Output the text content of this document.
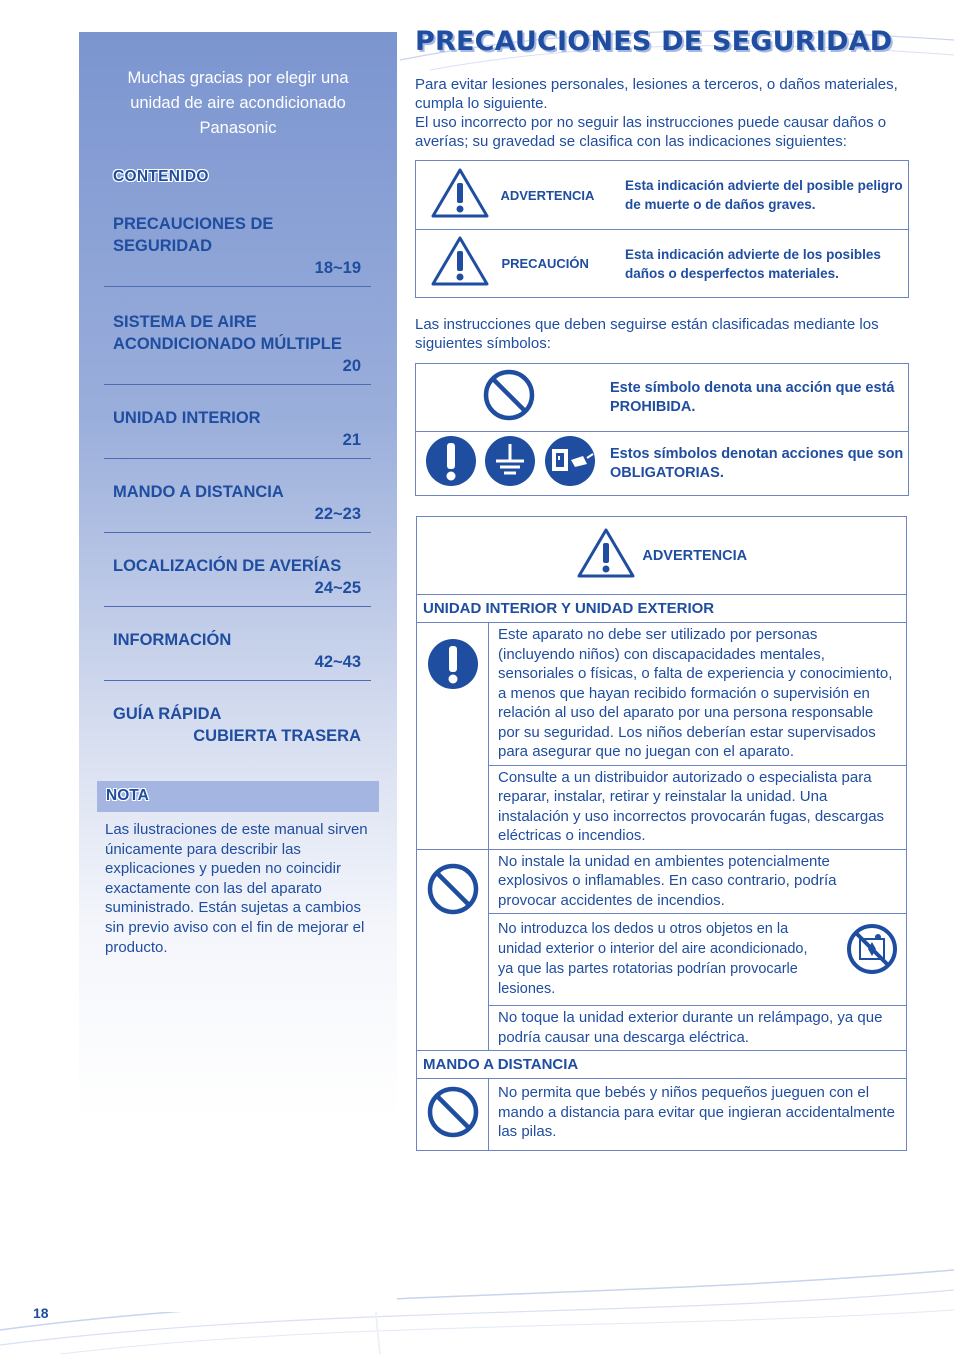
Muchas gracias por elegir una unidad de aire acondicionado Panasonic
CONTENIDO
PRECAUCIONES DE SEGURIDAD
18~19
SISTEMA DE AIRE ACONDICIONADO MÚLTIPLE
20
UNIDAD INTERIOR
21
MANDO A DISTANCIA
22~23
LOCALIZACIÓN DE AVERÍAS
24~25
INFORMACIÓN
42~43
GUÍA RÁPIDA
CUBIERTA TRASERA
NOTA
Las ilustraciones de este manual sirven únicamente para describir las explicaciones y pueden no coincidir exactamente con las del aparato suministrado. Están sujetas a cambios sin previo aviso con el fin de mejorar el producto.
18
PRECAUCIONES DE SEGURIDAD
Para evitar lesiones personales, lesiones a terceros, o daños materiales, cumpla lo siguiente.
El uso incorrecto por no seguir las instrucciones puede causar daños o averías; su gravedad se clasifica con las indicaciones siguientes:
ADVERTENCIA	Esta indicación advierte del posible peligro de muerte o de daños graves.
PRECAUCIÓN	Esta indicación advierte de los posibles daños o desperfectos materiales.
Las instrucciones que deben seguirse están clasificadas mediante los siguientes símbolos:
	Este símbolo denota una acción que está PROHIBIDA.
	Estos símbolos denotan acciones que son OBLIGATORIAS.
ADVERTENCIA	
UNIDAD INTERIOR Y UNIDAD EXTERIOR	
	Este aparato no debe ser utilizado por personas (incluyendo niños) con discapacidades mentales, sensoriales o físicas, o falta de experiencia y conocimiento, a menos que hayan recibido formación o supervisión en relación al uso del aparato por una persona responsable por su seguridad. Los niños deberían estar supervisados para asegurar que no juegan con el aparato.
	Consulte a un distribuidor autorizado o especialista para reparar, instalar, retirar y reinstalar la unidad. Una instalación y uso incorrectos provocarán fugas, descargas eléctricas o incendios.
	No instale la unidad en ambientes potencialmente explosivos o inflamables. En caso contrario, podría provocar accidentes de incendios.
	No introduzca los dedos u otros objetos en la unidad exterior o interior del aire acondicionado, ya que las partes rotatorias podrían provocarle lesiones.

	No toque la unidad exterior durante un relámpago, ya que podría causar una descarga eléctrica.
MANDO A DISTANCIA	
	No permita que bebés y niños pequeños jueguen con el mando a distancia para evitar que ingieran accidentalmente las pilas.
